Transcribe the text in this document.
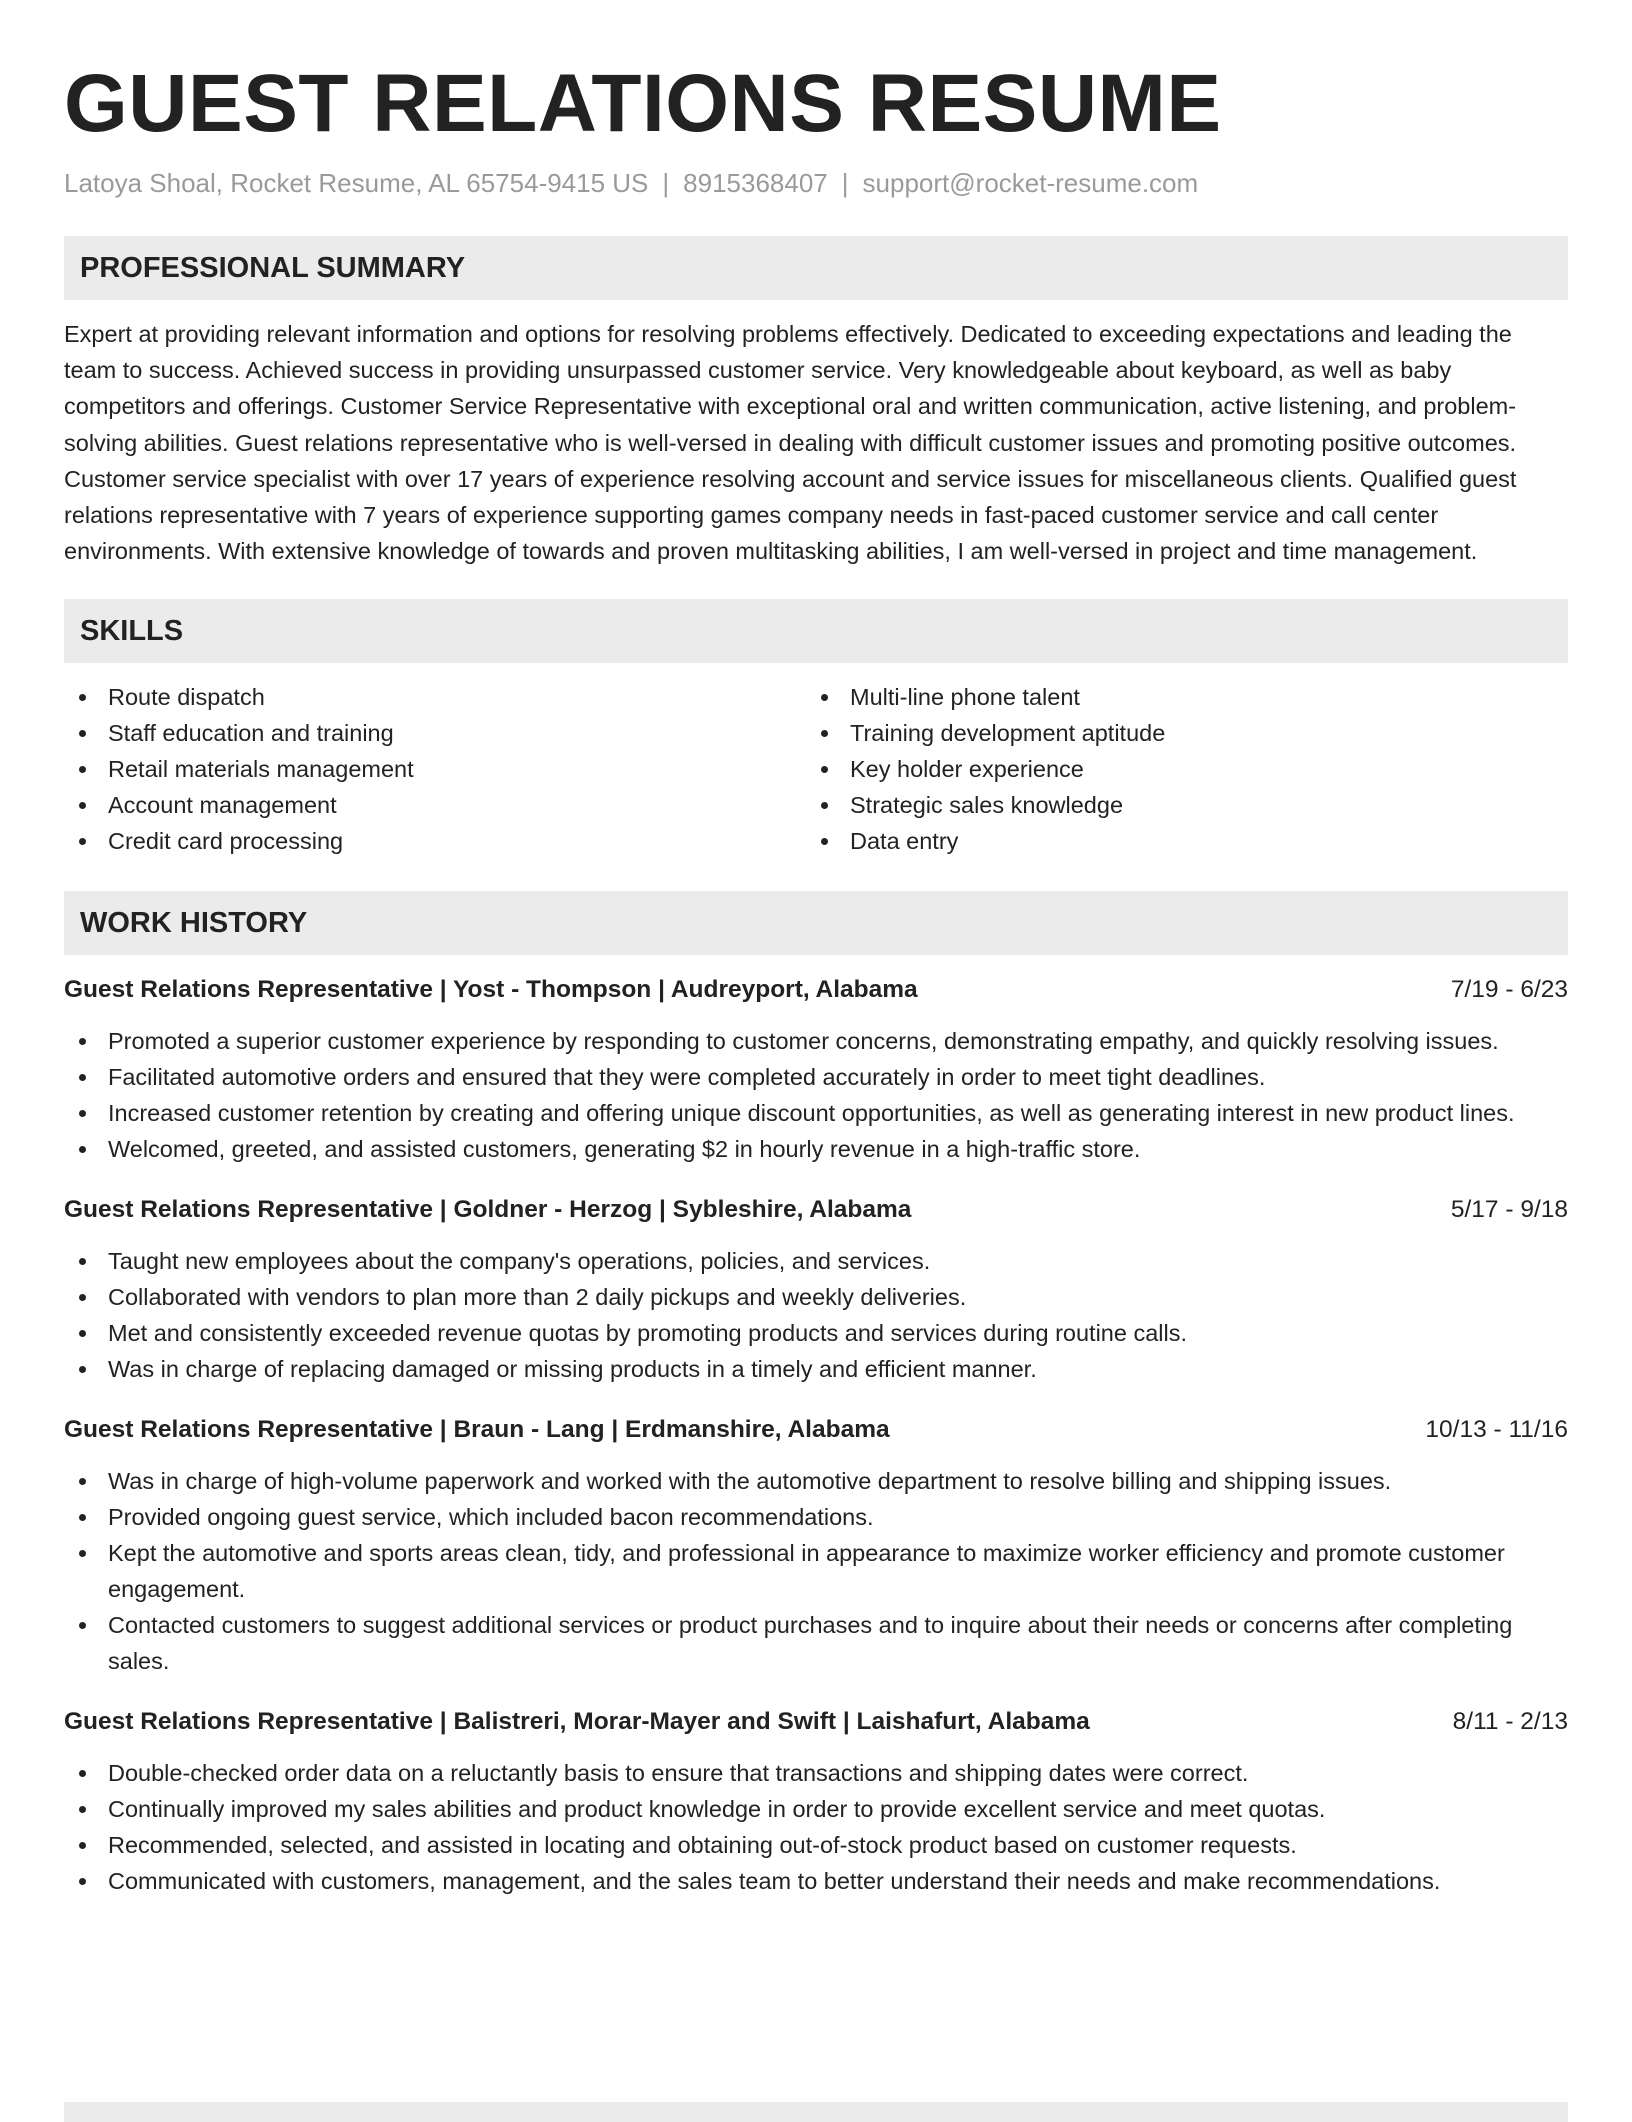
GUEST RELATIONS RESUME
Latoya Shoal, Rocket Resume, AL 65754-9415 US | 8915368407 | support@rocket-resume.com
PROFESSIONAL SUMMARY
Expert at providing relevant information and options for resolving problems effectively. Dedicated to exceeding expectations and leading the team to success. Achieved success in providing unsurpassed customer service. Very knowledgeable about keyboard, as well as baby competitors and offerings. Customer Service Representative with exceptional oral and written communication, active listening, and problem-solving abilities. Guest relations representative who is well-versed in dealing with difficult customer issues and promoting positive outcomes. Customer service specialist with over 17 years of experience resolving account and service issues for miscellaneous clients. Qualified guest relations representative with 7 years of experience supporting games company needs in fast-paced customer service and call center environments. With extensive knowledge of towards and proven multitasking abilities, I am well-versed in project and time management.
SKILLS
Route dispatch
Staff education and training
Retail materials management
Account management
Credit card processing
Multi-line phone talent
Training development aptitude
Key holder experience
Strategic sales knowledge
Data entry
WORK HISTORY
Guest Relations Representative | Yost - Thompson | Audreyport, Alabama	7/19 - 6/23
Promoted a superior customer experience by responding to customer concerns, demonstrating empathy, and quickly resolving issues.
Facilitated automotive orders and ensured that they were completed accurately in order to meet tight deadlines.
Increased customer retention by creating and offering unique discount opportunities, as well as generating interest in new product lines.
Welcomed, greeted, and assisted customers, generating $2 in hourly revenue in a high-traffic store.
Guest Relations Representative | Goldner - Herzog | Sybleshire, Alabama	5/17 - 9/18
Taught new employees about the company's operations, policies, and services.
Collaborated with vendors to plan more than 2 daily pickups and weekly deliveries.
Met and consistently exceeded revenue quotas by promoting products and services during routine calls.
Was in charge of replacing damaged or missing products in a timely and efficient manner.
Guest Relations Representative | Braun - Lang | Erdmanshire, Alabama	10/13 - 11/16
Was in charge of high-volume paperwork and worked with the automotive department to resolve billing and shipping issues.
Provided ongoing guest service, which included bacon recommendations.
Kept the automotive and sports areas clean, tidy, and professional in appearance to maximize worker efficiency and promote customer engagement.
Contacted customers to suggest additional services or product purchases and to inquire about their needs or concerns after completing sales.
Guest Relations Representative | Balistreri, Morar-Mayer and Swift | Laishafurt, Alabama	8/11 - 2/13
Double-checked order data on a reluctantly basis to ensure that transactions and shipping dates were correct.
Continually improved my sales abilities and product knowledge in order to provide excellent service and meet quotas.
Recommended, selected, and assisted in locating and obtaining out-of-stock product based on customer requests.
Communicated with customers, management, and the sales team to better understand their needs and make recommendations.
